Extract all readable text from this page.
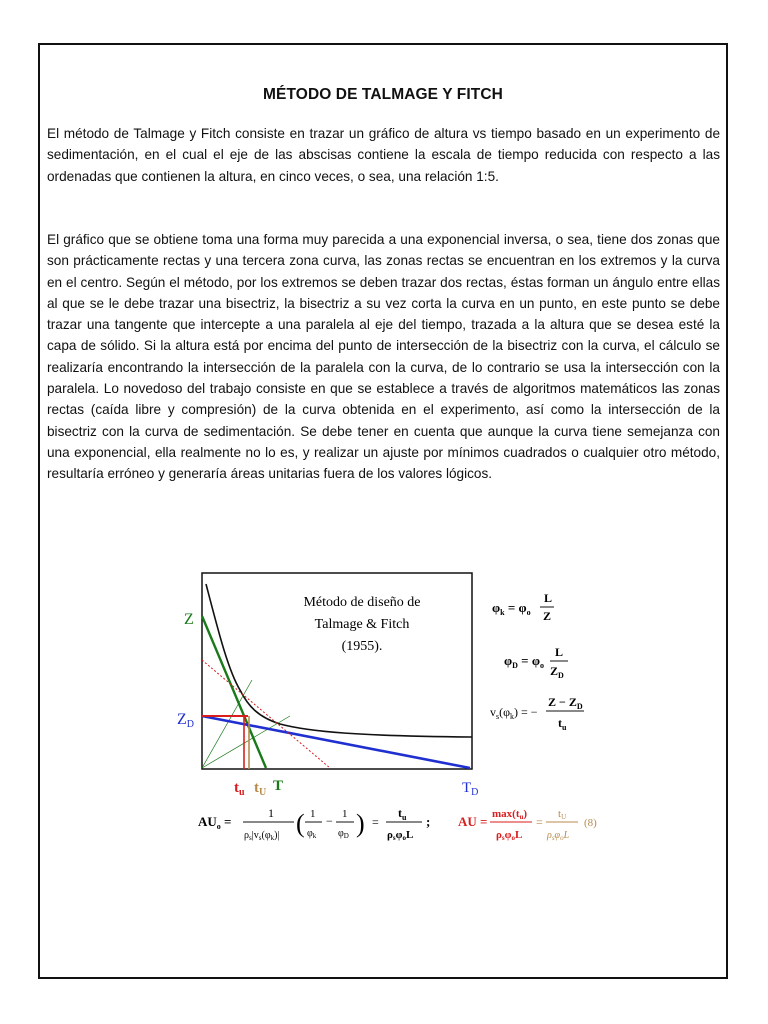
MÉTODO DE TALMAGE Y FITCH

El método de Talmage y Fitch consiste en trazar un gráfico de altura vs tiempo basado en un experimento de sedimentación, en el cual el eje de las abscisas contiene la escala de tiempo reducida con respecto a las ordenadas que contienen la altura, en cinco veces, o sea, una relación 1:5.

El gráfico que se obtiene toma una forma muy parecida a una exponencial inversa, o sea, tiene dos zonas que son prácticamente rectas y una tercera zona curva, las zonas rectas se encuentran en los extremos y la curva en el centro. Según el método, por los extremos se deben trazar dos rectas, éstas forman un ángulo entre ellas al que se le debe trazar una bisectriz, la bisectriz a su vez corta la curva en un punto, en este punto se debe trazar una tangente que intercepte a una paralela al eje del tiempo, trazada a la altura que se desea esté la capa de sólido. Si la altura está por encima del punto de intersección de la bisectriz con la curva, el cálculo se realizaría encontrando la intersección de la paralela con la curva, de lo contrario se usa la intersección con la paralela. Lo novedoso del trabajo consiste en que se establece a través de algoritmos matemáticos las zonas rectas (caída libre y compresión) de la curva obtenida en el experimento, así como la intersección de la bisectriz con la curva de sedimentación. Se debe tener en cuenta que aunque la curva tiene semejanza con una exponencial, ella realmente no lo es, y realizar un ajuste por mínimos cuadrados o cualquier otro método, resultaría erróneo y generaría áreas unitarias fuera de los valores lógicos.

Método de diseño de
Talmage & Fitch
(1955).
Z
ZD
$t_u$ $t_U$ T	$T_D$
$\varphi_k = \varphi_o$
L
Z
$\varphi_D = \varphi_o$
L
$Z_D$
$v_s(\varphi_k)$ = −
$Z - Z_D$
$t_u$
$AU_o$ =
1
$\rho_s|v_s(\varphi_k)|$ ( 1
$\varphi_k$
− 1
$\varphi_D$ ) =
$t_u$
ρsφoL
; AU = max(tu)
ρsφoL
=
tU
$\rho_s\varphi_oL$
(8)
